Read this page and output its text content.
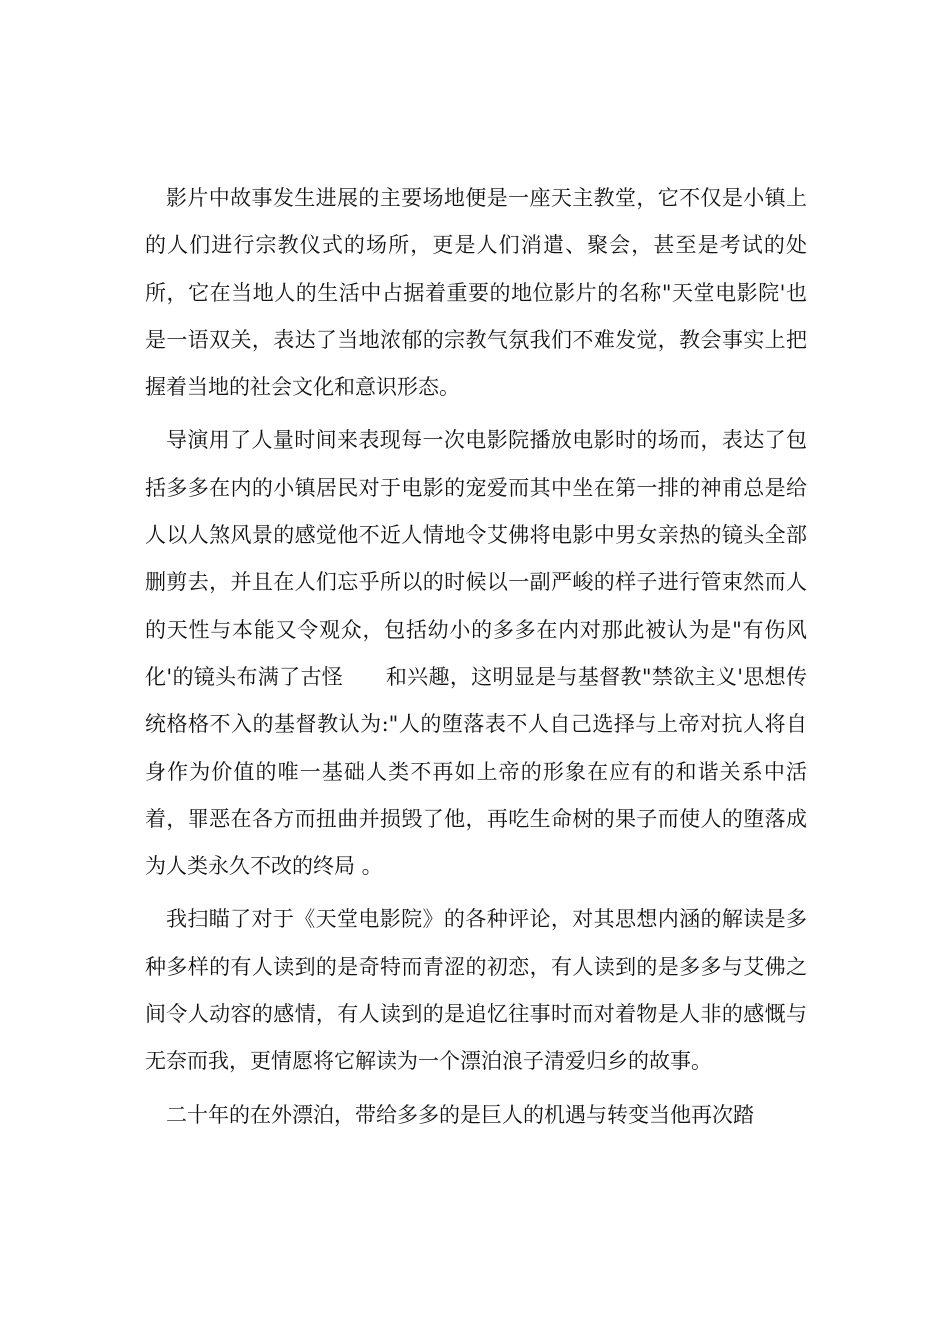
影片中故事发生进展的主要场地便是一座天主教堂，它不仅是小镇上的人们进行宗教仪式的场所，更是人们消遣、聚会，甚至是考试的处所，它在当地人的生活中占据着重要的地位影片的名称"天堂电影院'也是一语双关，表达了当地浓郁的宗教气氛我们不难发觉，教会事实上把握着当地的社会文化和意识形态。

导演用了人量时间来表现每一次电影院播放电影时的场而，表达了包括多多在内的小镇居民对于电影的宠爱而其中坐在第一排的神甫总是给人以人煞风景的感觉他不近人情地令艾佛将电影中男女亲热的镜头全部删剪去，并且在人们忘乎所以的时候以一副严峻的样子进行管束然而人的天性与本能又令观众，包括幼小的多多在内对那此被认为是"有伤风化'的镜头布满了古怪　　和兴趣，这明显是与基督教"禁欲主义'思想传统格格不入的基督教认为:"人的堕落表不人自己选择与上帝对抗人将自身作为价值的唯一基础人类不再如上帝的形象在应有的和谐关系中活着，罪恶在各方而扭曲并损毁了他，再吃生命树的果子而使人的堕落成为人类永久不改的终局 。

我扫瞄了对于《天堂电影院》的各种评论，对其思想内涵的解读是多种多样的有人读到的是奇特而青涩的初恋，有人读到的是多多与艾佛之间令人动容的感情，有人读到的是追忆往事时而对着物是人非的感慨与无奈而我，更情愿将它解读为一个漂泊浪子清爱归乡的故事。

二十年的在外漂泊，带给多多的是巨人的机遇与转变当他再次踏
